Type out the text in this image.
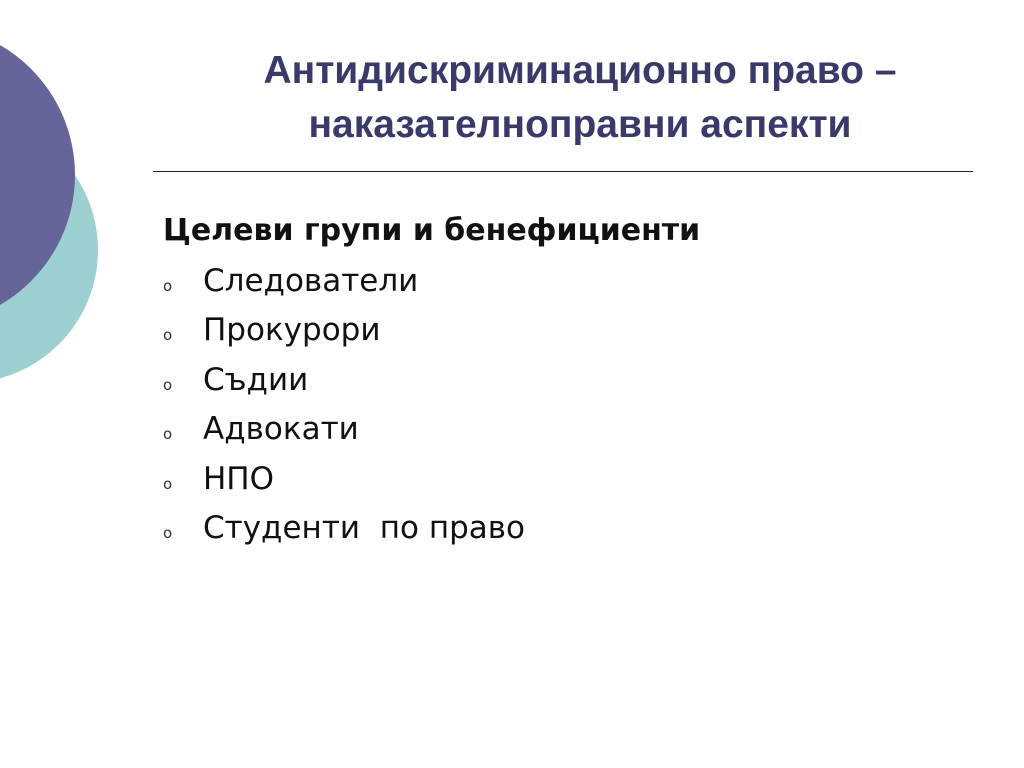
Антидискриминационно право –
наказателноправни аспекти
Целеви групи и бенефициенти
o Следователи
o Прокурори
o Съдии
o Адвокати
o НПО
o Студенти  по право
